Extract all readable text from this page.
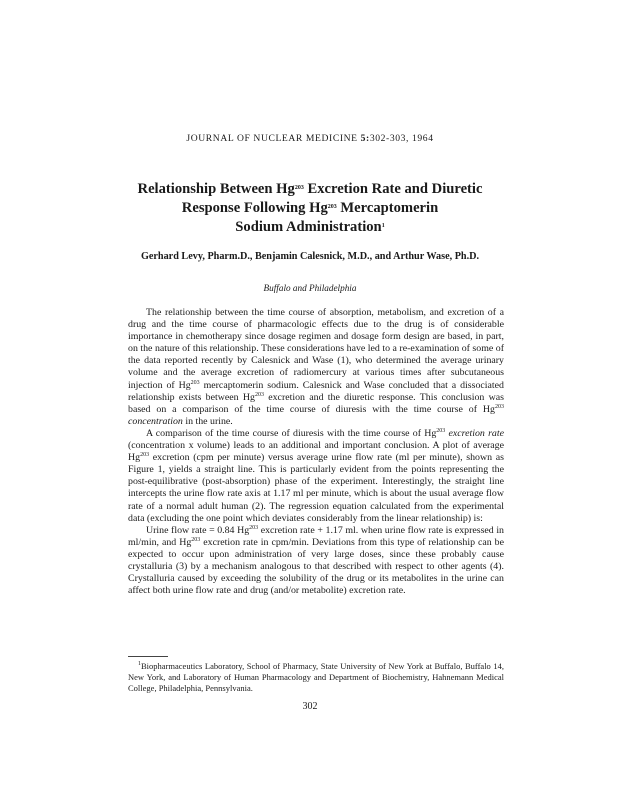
JOURNAL OF NUCLEAR MEDICINE 5:302-303, 1964
Relationship Between Hg$^{203}$ Excretion Rate and Diuretic
Response Following Hg$^{203}$ Mercaptomerin
Sodium Administration$^1$
Gerhard Levy, Pharm.D., Benjamin Calesnick, M.D., and Arthur Wase, Ph.D.
Buffalo and Philadelphia

The relationship between the time course of absorption, metabolism, and excretion of a drug and the time course of pharmacologic effects due to the drug is of considerable importance in chemotherapy since dosage regimen and dosage form design are based, in part, on the nature of this relationship. These considerations have led to a re-examination of some of the data reported recently by Calesnick and Wase (1), who determined the average urinary volume and the average excretion of radiomercury at various times after subcutaneous injection of Hg$^{203}$ mercaptomerin sodium. Calesnick and Wase concluded that a dissociated relationship exists between Hg$^{203}$ excretion and the diuretic response. This conclusion was based on a comparison of the time course of diuresis with the time course of Hg$^{203}$ concentration in the urine.

A comparison of the time course of diuresis with the time course of Hg$^{203}$ excretion rate (concentration x volume) leads to an additional and important conclusion. A plot of average Hg$^{203}$ excretion (cpm per minute) versus average urine flow rate (ml per minute), shown as Figure 1, yields a straight line. This is particularly evident from the points representing the post-equilibrative (post-absorption) phase of the experiment. Interestingly, the straight line intercepts the urine flow rate axis at 1.17 ml per minute, which is about the usual average flow rate of a normal adult human (2). The regression equation calculated from the experimental data (excluding the one point which deviates considerably from the linear relationship) is:

Urine flow rate = 0.84 Hg$^{203}$ excretion rate + 1.17 ml. when urine flow rate is expressed in ml/min, and Hg$^{203}$ excretion rate in cpm/min. Deviations from this type of relationship can be expected to occur upon administration of very large doses, since these probably cause crystalluria (3) by a mechanism analogous to that described with respect to other agents (4). Crystalluria caused by exceeding the solubility of the drug or its metabolites in the urine can affect both urine flow rate and drug (and/or metabolite) excretion rate.

$^1$Biopharmaceutics Laboratory, School of Pharmacy, State University of New York at Buffalo, Buffalo 14, New York, and Laboratory of Human Pharmacology and Department of Biochemistry, Hahnemann Medical College, Philadelphia, Pennsylvania.

302
